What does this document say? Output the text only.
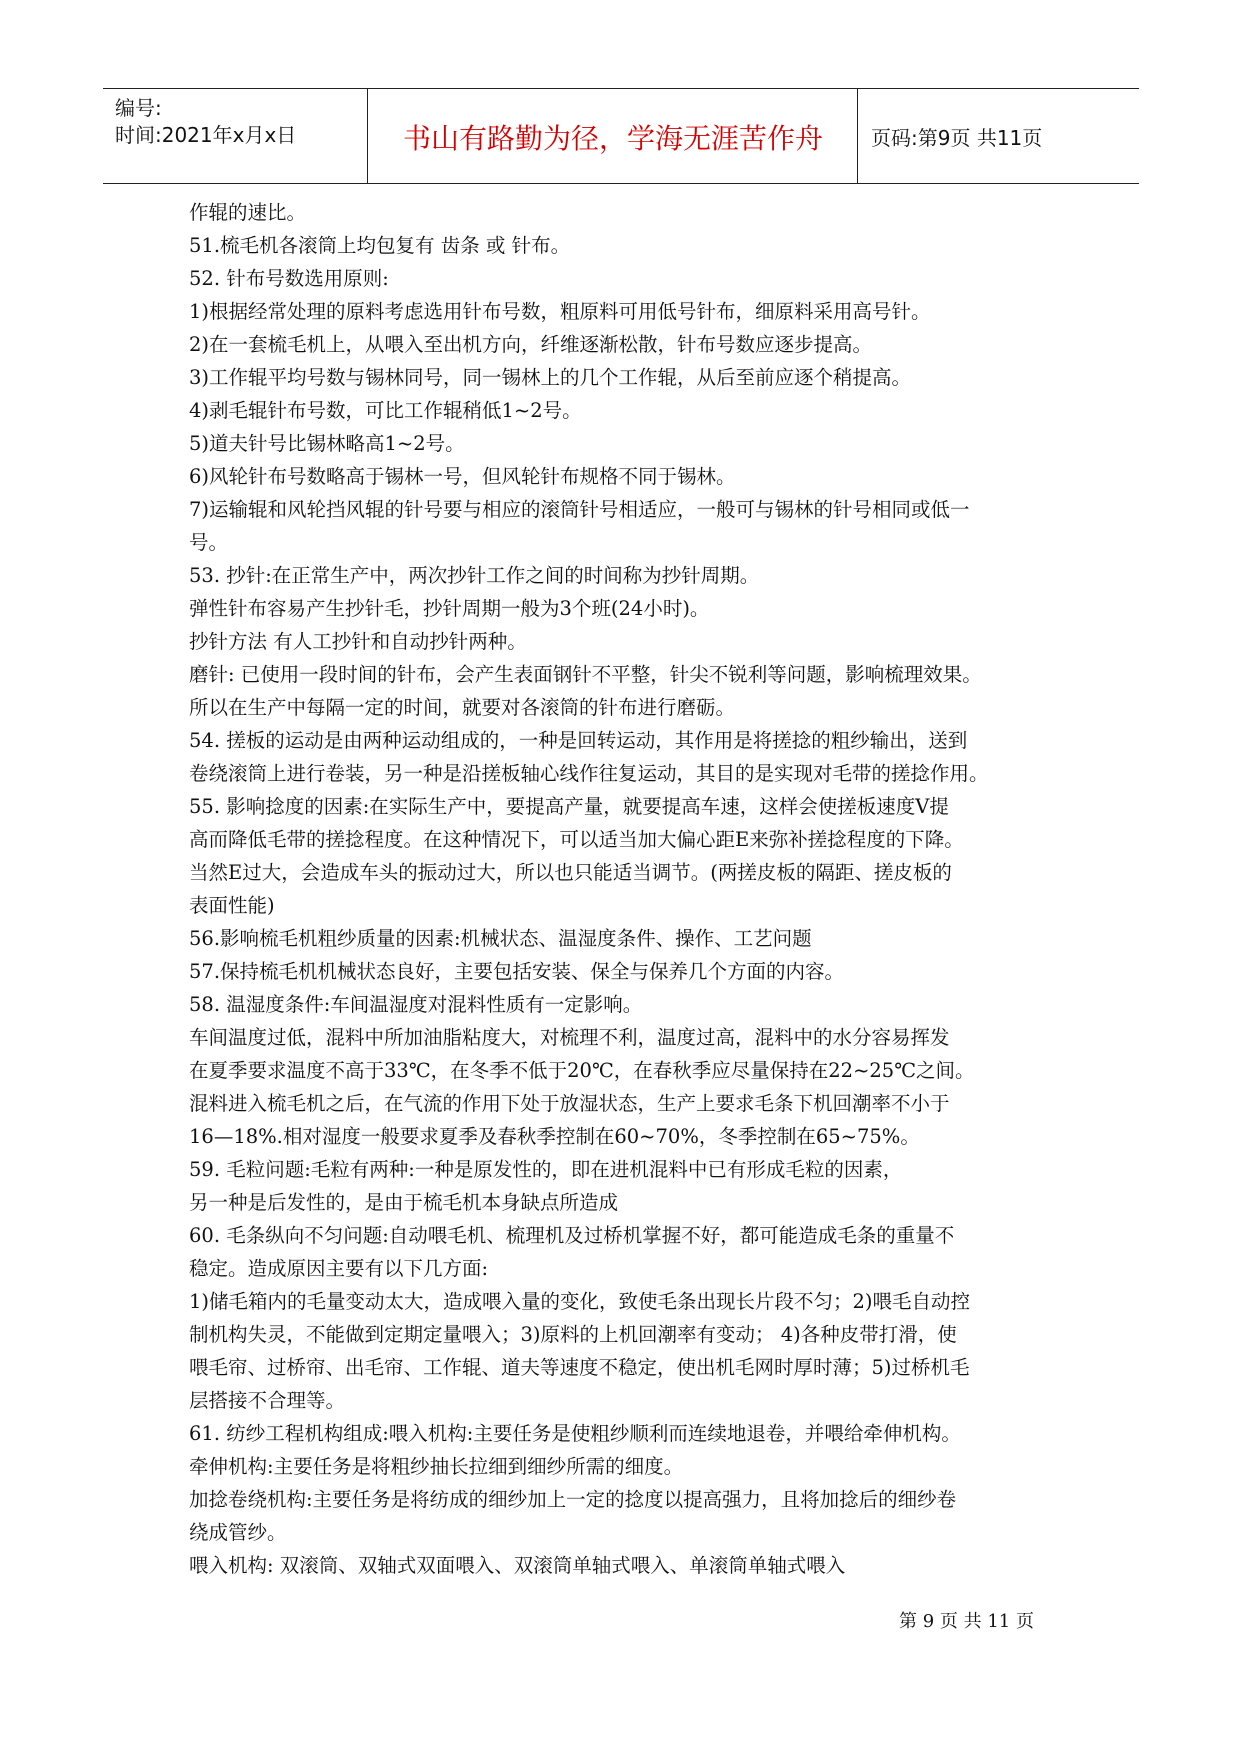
编号:
时间:2021年x月x日	书山有路勤为径，学海无涯苦作舟	页码:第9页 共11页

作辊的速比。

51.梳毛机各滚筒上均包复有 齿条 或 针布。

52. 针布号数选用原则:

1)根据经常处理的原料考虑选用针布号数，粗原料可用低号针布，细原料采用高号针。

2)在一套梳毛机上，从喂入至出机方向，纤维逐渐松散，针布号数应逐步提高。

3)工作辊平均号数与锡林同号，同一锡林上的几个工作辊，从后至前应逐个稍提高。

4)剥毛辊针布号数，可比工作辊稍低1~2号。

5)道夫针号比锡林略高1~2号。

6)风轮针布号数略高于锡林一号，但风轮针布规格不同于锡林。

7)运输辊和风轮挡风辊的针号要与相应的滚筒针号相适应，一般可与锡林的针号相同或低一

号。

53. 抄针:在正常生产中，两次抄针工作之间的时间称为抄针周期。

弹性针布容易产生抄针毛，抄针周期一般为3个班(24小时)。

抄针方法 有人工抄针和自动抄针两种。

磨针: 已使用一段时间的针布，会产生表面钢针不平整，针尖不锐利等问题，影响梳理效果。

所以在生产中每隔一定的时间，就要对各滚筒的针布进行磨砺。

54. 搓板的运动是由两种运动组成的，一种是回转运动，其作用是将搓捻的粗纱输出，送到

卷绕滚筒上进行卷装，另一种是沿搓板轴心线作往复运动，其目的是实现对毛带的搓捻作用。

55. 影响捻度的因素:在实际生产中，要提高产量，就要提高车速，这样会使搓板速度V提

高而降低毛带的搓捻程度。在这种情况下，可以适当加大偏心距E来弥补搓捻程度的下降。

当然E过大，会造成车头的振动过大，所以也只能适当调节。(两搓皮板的隔距、搓皮板的

表面性能)

56.影响梳毛机粗纱质量的因素:机械状态、温湿度条件、操作、工艺问题

57.保持梳毛机机械状态良好，主要包括安装、保全与保养几个方面的内容。

58. 温湿度条件:车间温湿度对混料性质有一定影响。

车间温度过低，混料中所加油脂粘度大，对梳理不利，温度过高，混料中的水分容易挥发

在夏季要求温度不高于33℃，在冬季不低于20℃，在春秋季应尽量保持在22~25℃之间。

混料进入梳毛机之后，在气流的作用下处于放湿状态，生产上要求毛条下机回潮率不小于

16—18%.相对湿度一般要求夏季及春秋季控制在60~70%，冬季控制在65~75%。

59. 毛粒问题:毛粒有两种:一种是原发性的，即在进机混料中已有形成毛粒的因素，

另一种是后发性的，是由于梳毛机本身缺点所造成

60. 毛条纵向不匀问题:自动喂毛机、梳理机及过桥机掌握不好，都可能造成毛条的重量不

稳定。造成原因主要有以下几方面:

1)储毛箱内的毛量变动太大，造成喂入量的变化，致使毛条出现长片段不匀；2)喂毛自动控

制机构失灵，不能做到定期定量喂入；3)原料的上机回潮率有变动； 4)各种皮带打滑，使

喂毛帘、过桥帘、出毛帘、工作辊、道夫等速度不稳定，使出机毛网时厚时薄；5)过桥机毛

层搭接不合理等。

61. 纺纱工程机构组成:喂入机构:主要任务是使粗纱顺利而连续地退卷，并喂给牵伸机构。

牵伸机构:主要任务是将粗纱抽长拉细到细纱所需的细度。

加捻卷绕机构:主要任务是将纺成的细纱加上一定的捻度以提高强力，且将加捻后的细纱卷

绕成管纱。

喂入机构: 双滚筒、双轴式双面喂入、双滚筒单轴式喂入、单滚筒单轴式喂入

第 9 页 共 11 页
